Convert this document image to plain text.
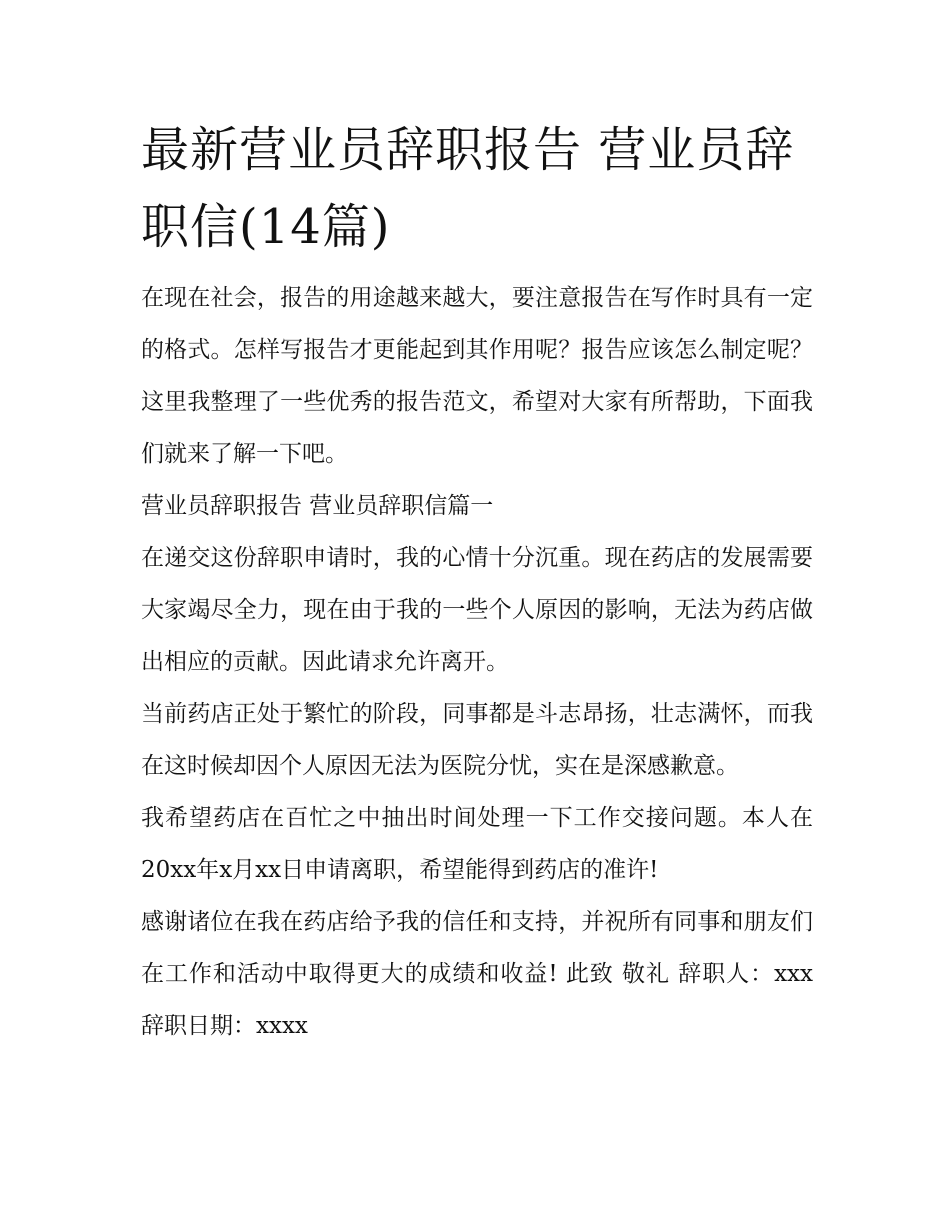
最新营业员辞职报告 营业员辞职信(14篇)

在现在社会，报告的用途越来越大，要注意报告在写作时具有一定的格式。怎样写报告才更能起到其作用呢？报告应该怎么制定呢？这里我整理了一些优秀的报告范文，希望对大家有所帮助，下面我们就来了解一下吧。

营业员辞职报告 营业员辞职信篇一

在递交这份辞职申请时，我的心情十分沉重。现在药店的发展需要大家竭尽全力，现在由于我的一些个人原因的影响，无法为药店做出相应的贡献。因此请求允许离开。

当前药店正处于繁忙的阶段，同事都是斗志昂扬，壮志满怀，而我在这时候却因个人原因无法为医院分忧，实在是深感歉意。

我希望药店在百忙之中抽出时间处理一下工作交接问题。本人在20xx年x月xx日申请离职，希望能得到药店的准许!

感谢诸位在我在药店给予我的信任和支持，并祝所有同事和朋友们在工作和活动中取得更大的成绩和收益! 此致 敬礼 辞职人：xxx 辞职日期：xxxx
